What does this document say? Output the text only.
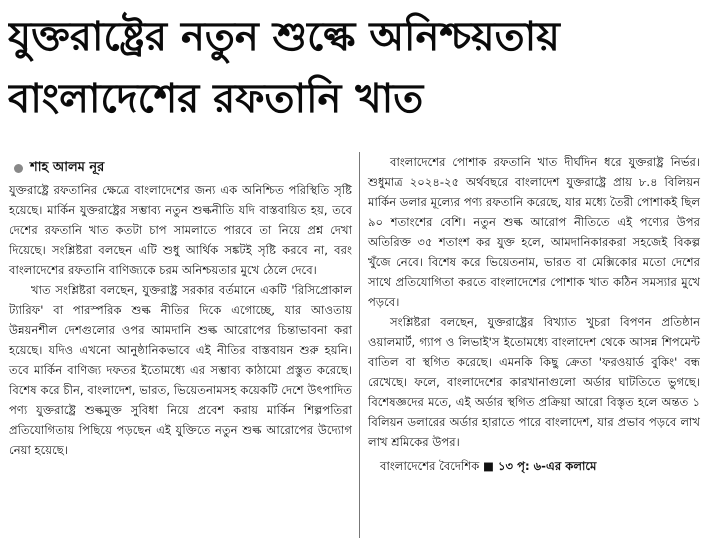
যুক্তরাষ্ট্রের নতুন শুল্কে অনিশ্চয়তায়
বাংলাদেশের রফতানি খাত
শাহ আলম নূর

যুক্তরাষ্ট্রে রফতানির ক্ষেত্রে বাংলাদেশের জন্য এক অনিশ্চিত পরিস্থিতি সৃষ্টি হয়েছে। মার্কিন যুক্তরাষ্ট্রের সম্ভাব্য নতুন শুল্কনীতি যদি বাস্তবায়িত হয়, তবে দেশের রফতানি খাত কতটা চাপ সামলাতে পারবে তা নিয়ে প্রশ্ন দেখা দিয়েছে। সংশ্লিষ্টরা বলছেন এটি শুধু আর্থিক সঙ্কটই সৃষ্টি করবে না, বরং বাংলাদেশের রফতানি বাণিজ্যকে চরম অনিশ্চয়তার মুখে ঠেলে দেবে।

খাত সংশ্লিষ্টরা বলছেন, যুক্তরাষ্ট্র সরকার বর্তমানে একটি 'রিসিপ্রোকাল ট্যারিফ' বা পারস্পরিক শুল্ক নীতির দিকে এগোচ্ছে, যার আওতায় উন্নয়নশীল দেশগুলোর ওপর আমদানি শুল্ক আরোপের চিন্তাভাবনা করা হয়েছে। যদিও এখনো আনুষ্ঠানিকভাবে এই নীতির বাস্তবায়ন শুরু হয়নি। তবে মার্কিন বাণিজ্য দফতর ইতোমধ্যে এর সম্ভাব্য কাঠামো প্রস্তুত করেছে। বিশেষ করে চীন, বাংলাদেশ, ভারত, ভিয়েতনামসহ কয়েকটি দেশে উৎপাদিত পণ্য যুক্তরাষ্ট্রে শুল্কমুক্ত সুবিধা নিয়ে প্রবেশ করায় মার্কিন শিল্পপতিরা প্রতিযোগিতায় পিছিয়ে পড়ছেন এই যুক্তিতে নতুন শুল্ক আরোপের উদ্যোগ নেয়া হয়েছে।

বাংলাদেশের পোশাক রফতানি খাত দীর্ঘদিন ধরে যুক্তরাষ্ট্র নির্ভর। শুধুমাত্র ২০২৪-২৫ অর্থবছরে বাংলাদেশ যুক্তরাষ্ট্রে প্রায় ৮.৪ বিলিয়ন মার্কিন ডলার মূল্যের পণ্য রফতানি করেছে, যার মধ্যে তৈরী পোশাকই ছিল ৯০ শতাংশের বেশি। নতুন শুল্ক আরোপ নীতিতে এই পণ্যের উপর অতিরিক্ত ৩৫ শতাংশ কর যুক্ত হলে, আমদানিকারকরা সহজেই বিকল্প খুঁজে নেবে। বিশেষ করে ভিয়েতনাম, ভারত বা মেক্সিকোর মতো দেশের সাথে প্রতিযোগিতা করতে বাংলাদেশের পোশাক খাত কঠিন সমস্যার মুখে পড়বে।

সংশ্লিষ্টরা বলছেন, যুক্তরাষ্ট্রের বিখ্যাত খুচরা বিপণন প্রতিষ্ঠান ওয়ালমার্ট, গ্যাপ ও লিভাই'স ইতোমধ্যে বাংলাদেশ থেকে আসন্ন শিপমেন্ট বাতিল বা স্থগিত করেছে। এমনকি কিছু ক্রেতা 'ফরওয়ার্ড বুকিং' বন্ধ রেখেছে। ফলে, বাংলাদেশের কারখানাগুলো অর্ডার ঘাটতিতে ভুগছে। বিশেষজ্ঞদের মতে, এই অর্ডার স্থগিত প্রক্রিয়া আরো বিস্তৃত হলে অন্তত ১ বিলিয়ন ডলারের অর্ডার হারাতে পারে বাংলাদেশ, যার প্রভাব পড়বে লাখ লাখ শ্রমিকের উপর।

বাংলাদেশের বৈদেশিক ■ ১৩ পৃ: ৬-এর কলামে
